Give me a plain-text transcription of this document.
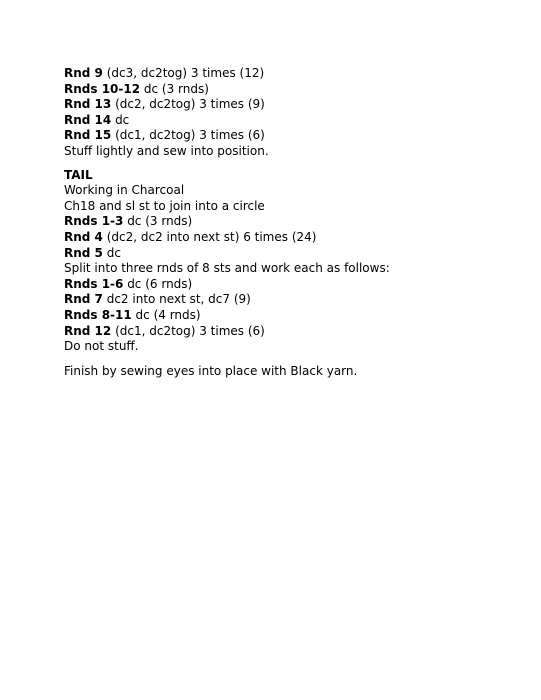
Rnd 9 (dc3, dc2tog) 3 times (12)
Rnds 10-12 dc (3 rnds)
Rnd 13 (dc2, dc2tog) 3 times (9)
Rnd 14 dc
Rnd 15 (dc1, dc2tog) 3 times (6)
Stuff lightly and sew into position.
TAIL
Working in Charcoal
Ch18 and sl st to join into a circle
Rnds 1-3 dc (3 rnds)
Rnd 4 (dc2, dc2 into next st) 6 times (24)
Rnd 5 dc
Split into three rnds of 8 sts and work each as follows:
Rnds 1-6 dc (6 rnds)
Rnd 7 dc2 into next st, dc7 (9)
Rnds 8-11 dc (4 rnds)
Rnd 12 (dc1, dc2tog) 3 times (6)
Do not stuff.
Finish by sewing eyes into place with Black yarn.
